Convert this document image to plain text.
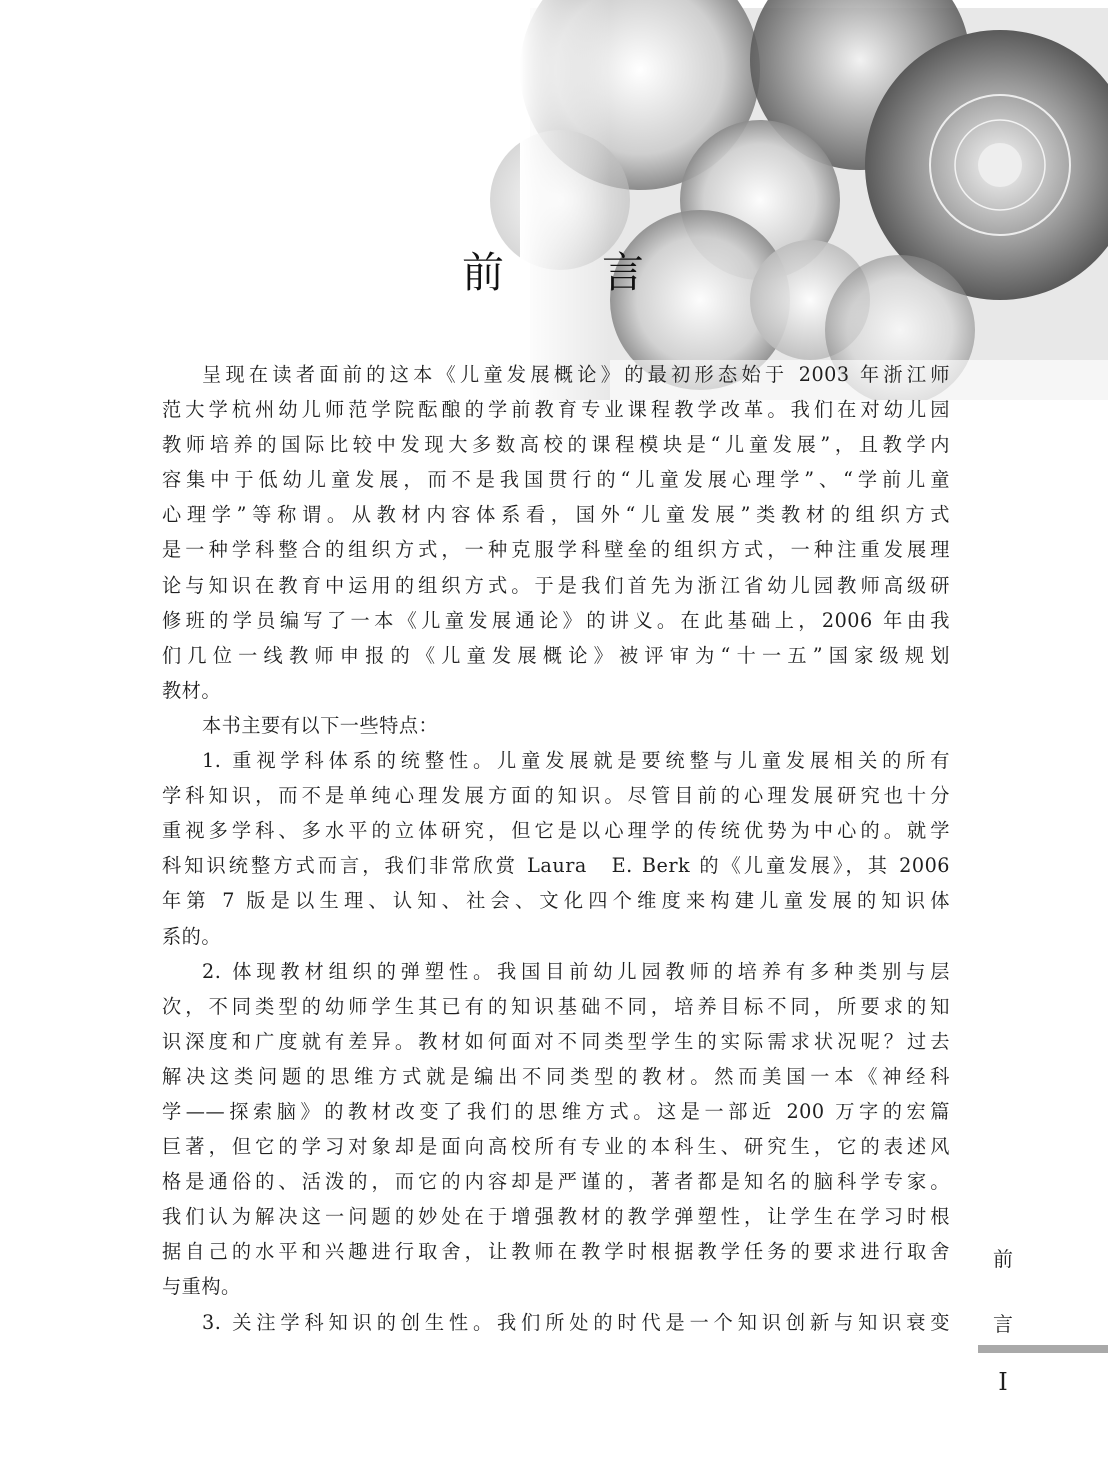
前 言
呈现在读者面前的这本《儿童发展概论》的最初形态始于 2003 年浙江师
范大学杭州幼儿师范学院酝酿的学前教育专业课程教学改革。我们在对幼儿园
教师培养的国际比较中发现大多数高校的课程模块是“儿童发展”，且教学内
容集中于低幼儿童发展，而不是我国贯行的“儿童发展心理学”、“学前儿童
心理学”等称谓。从教材内容体系看，国外“儿童发展”类教材的组织方式
是一种学科整合的组织方式，一种克服学科壁垒的组织方式，一种注重发展理
论与知识在教育中运用的组织方式。于是我们首先为浙江省幼儿园教师高级研
修班的学员编写了一本《儿童发展通论》的讲义。在此基础上，2006 年由我
们几位一线教师申报的《儿童发展概论》被评审为“十一五”国家级规划
教材。
本书主要有以下一些特点：
1. 重视学科体系的统整性。儿童发展就是要统整与儿童发展相关的所有
学科知识，而不是单纯心理发展方面的知识。尽管目前的心理发展研究也十分
重视多学科、多水平的立体研究，但它是以心理学的传统优势为中心的。就学
科知识统整方式而言，我们非常欣赏 Laura　E. Berk 的《儿童发展》，其 2006
年第 7 版是以生理、认知、社会、文化四个维度来构建儿童发展的知识体
系的。
2. 体现教材组织的弹塑性。我国目前幼儿园教师的培养有多种类别与层
次，不同类型的幼师学生其已有的知识基础不同，培养目标不同，所要求的知
识深度和广度就有差异。教材如何面对不同类型学生的实际需求状况呢？过去
解决这类问题的思维方式就是编出不同类型的教材。然而美国一本《神经科
学——探索脑》的教材改变了我们的思维方式。这是一部近 200 万字的宏篇
巨著，但它的学习对象却是面向高校所有专业的本科生、研究生，它的表述风
格是通俗的、活泼的，而它的内容却是严谨的，著者都是知名的脑科学专家。
我们认为解决这一问题的妙处在于增强教材的教学弹塑性，让学生在学习时根
据自己的水平和兴趣进行取舍，让教师在教学时根据教学任务的要求进行取舍
与重构。
3. 关注学科知识的创生性。我们所处的时代是一个知识创新与知识衰变
前
言
I
